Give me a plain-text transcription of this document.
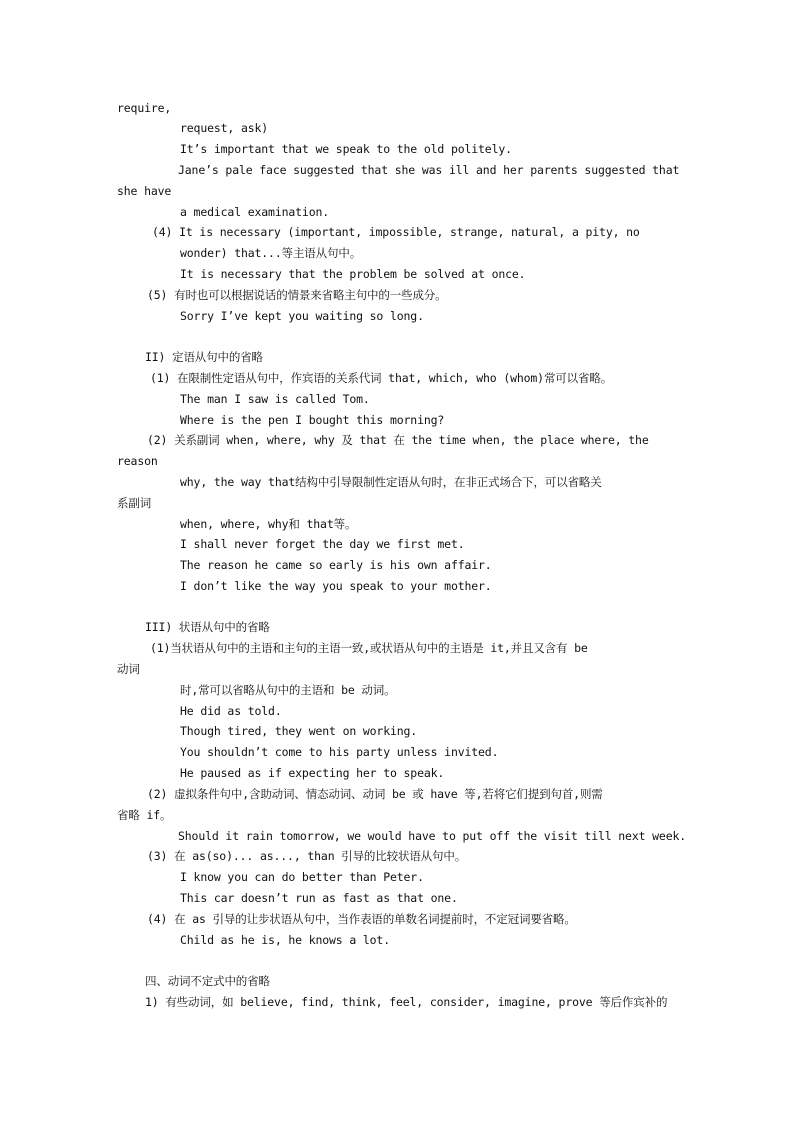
require,
request, ask)
It’s important that we speak to the old politely.
Jane’s pale face suggested that she was ill and her parents suggested that
she have
a medical examination.
(4) It is necessary (important, impossible, strange, natural, a pity, no
wonder) that...等主语从句中。
It is necessary that the problem be solved at once.
(5) 有时也可以根据说话的情景来省略主句中的一些成分。
Sorry I’ve kept you waiting so long.
II) 定语从句中的省略
(1) 在限制性定语从句中，作宾语的关系代词 that, which, who (whom)常可以省略。
The man I saw is called Tom.
Where is the pen I bought this morning?
(2) 关系副词 when, where, why 及 that 在 the time when, the place where, the
reason
why, the way that结构中引导限制性定语从句时，在非正式场合下，可以省略关
系副词
when, where, why和 that等。
I shall never forget the day we first met.
The reason he came so early is his own affair.
I don’t like the way you speak to your mother.
III) 状语从句中的省略
(1)当状语从句中的主语和主句的主语一致,或状语从句中的主语是 it,并且又含有 be
动词
时,常可以省略从句中的主语和 be 动词。
He did as told.
Though tired, they went on working.
You shouldn’t come to his party unless invited.
He paused as if expecting her to speak.
(2) 虚拟条件句中,含助动词、情态动词、动词 be 或 have 等,若将它们提到句首,则需
省略 if。
Should it rain tomorrow, we would have to put off the visit till next week.
(3) 在 as(so)... as..., than 引导的比较状语从句中。
I know you can do better than Peter.
This car doesn’t run as fast as that one.
(4) 在 as 引导的让步状语从句中，当作表语的单数名词提前时，不定冠词要省略。
Child as he is, he knows a lot.
四、动词不定式中的省略
1) 有些动词，如 believe, find, think, feel, consider, imagine, prove 等后作宾补的
